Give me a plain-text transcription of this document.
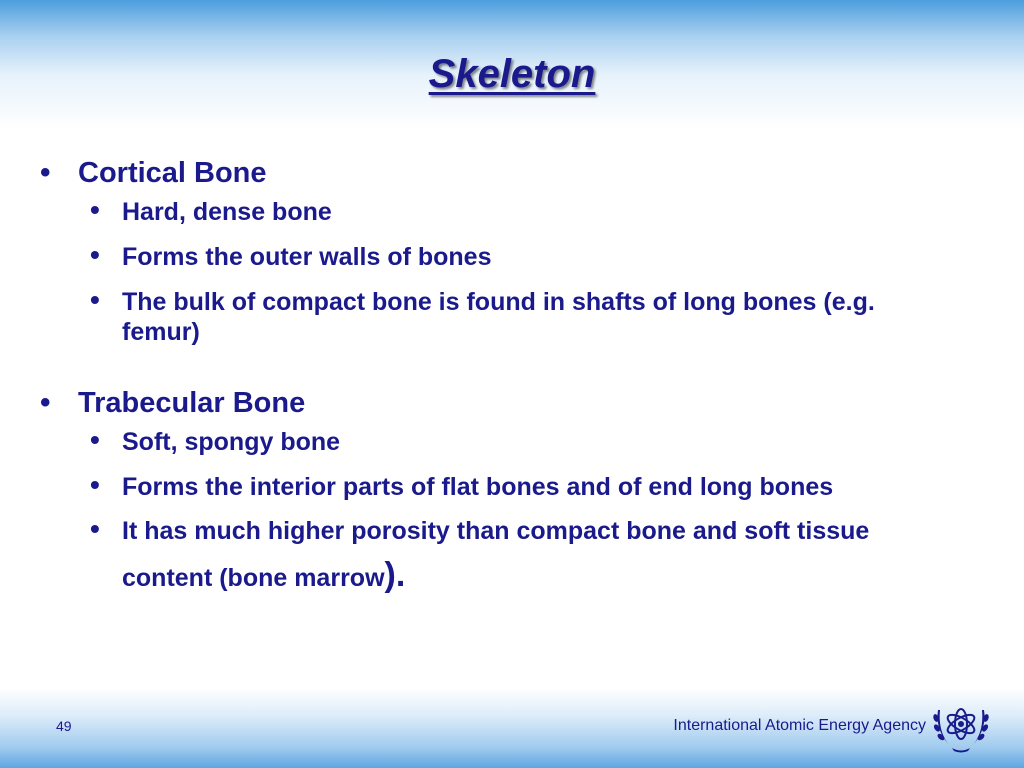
Skeleton
• Cortical Bone
• Hard, dense bone
• Forms the outer walls of bones
• The bulk of compact bone is found in shafts of long bones (e.g. femur)
• Trabecular Bone
• Soft, spongy bone
• Forms the interior parts of flat bones and of end long bones
• It has much higher porosity than compact bone and soft tissue content (bone marrow).
49	International Atomic Energy Agency
